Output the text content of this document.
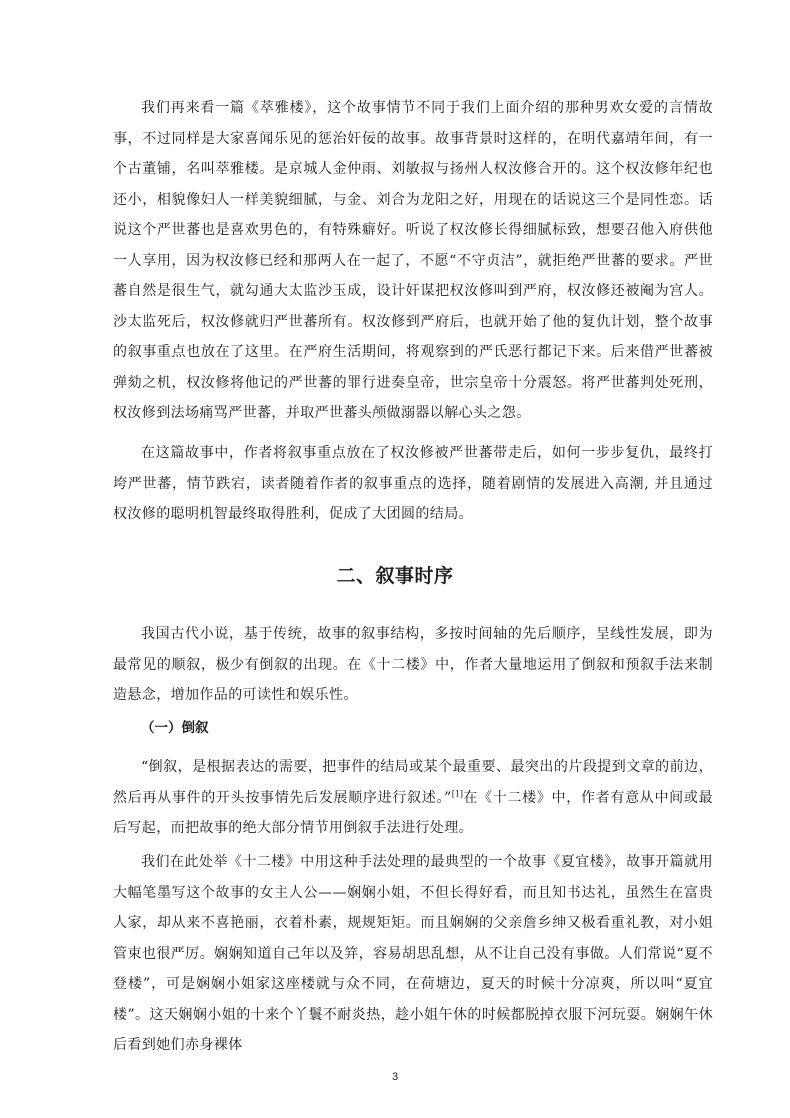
我们再来看一篇《萃雅楼》，这个故事情节不同于我们上面介绍的那种男欢女爱的言情故事，不过同样是大家喜闻乐见的惩治奸佞的故事。故事背景时这样的，在明代嘉靖年间，有一个古董铺，名叫萃雅楼。是京城人金仲雨、刘敏叔与扬州人权汝修合开的。这个权汝修年纪也还小，相貌像妇人一样美貌细腻，与金、刘合为龙阳之好，用现在的话说这三个是同性恋。话说这个严世蕃也是喜欢男色的，有特殊癖好。听说了权汝修长得细腻标致，想要召他入府供他一人享用，因为权汝修已经和那两人在一起了，不愿“不守贞洁”，就拒绝严世蕃的要求。严世蕃自然是很生气，就勾通大太监沙玉成，设计奸谋把权汝修叫到严府，权汝修还被阉为宫人。沙太监死后，权汝修就归严世蕃所有。权汝修到严府后，也就开始了他的复仇计划，整个故事的叙事重点也放在了这里。在严府生活期间，将观察到的严氏恶行都记下来。后来借严世蕃被弹劾之机，权汝修将他记的严世蕃的罪行进奏皇帝，世宗皇帝十分震怒。将严世蕃判处死刑，权汝修到法场痛骂严世蕃，并取严世蕃头颅做溺器以解心头之怨。

在这篇故事中，作者将叙事重点放在了权汝修被严世蕃带走后，如何一步步复仇，最终打垮严世蕃，情节跌宕，读者随着作者的叙事重点的选择，随着剧情的发展进入高潮, 并且通过权汝修的聪明机智最终取得胜利，促成了大团圆的结局。

二、叙事时序

我国古代小说，基于传统，故事的叙事结构，多按时间轴的先后顺序，呈线性发展，即为最常见的顺叙，极少有倒叙的出现。在《十二楼》中，作者大量地运用了倒叙和预叙手法来制造悬念，增加作品的可读性和娱乐性。

（一）倒叙

“倒叙，是根据表达的需要，把事件的结局或某个最重要、最突出的片段提到文章的前边，然后再从事件的开头按事情先后发展顺序进行叙述。”[1]在《十二楼》中，作者有意从中间或最后写起，而把故事的绝大部分情节用倒叙手法进行处理。

我们在此处举《十二楼》中用这种手法处理的最典型的一个故事《夏宜楼》，故事开篇就用大幅笔墨写这个故事的女主人公——娴娴小姐，不但长得好看，而且知书达礼，虽然生在富贵人家，却从来不喜艳丽，衣着朴素，规规矩矩。而且娴娴的父亲詹乡绅又极看重礼教，对小姐管束也很严厉。娴娴知道自己年以及笄，容易胡思乱想，从不让自己没有事做。人们常说“夏不登楼”，可是娴娴小姐家这座楼就与众不同，在荷塘边，夏天的时候十分凉爽，所以叫“夏宜楼”。这天娴娴小姐的十来个丫鬟不耐炎热，趁小姐午休的时候都脱掉衣服下河玩耍。娴娴午休后看到她们赤身裸体

3
